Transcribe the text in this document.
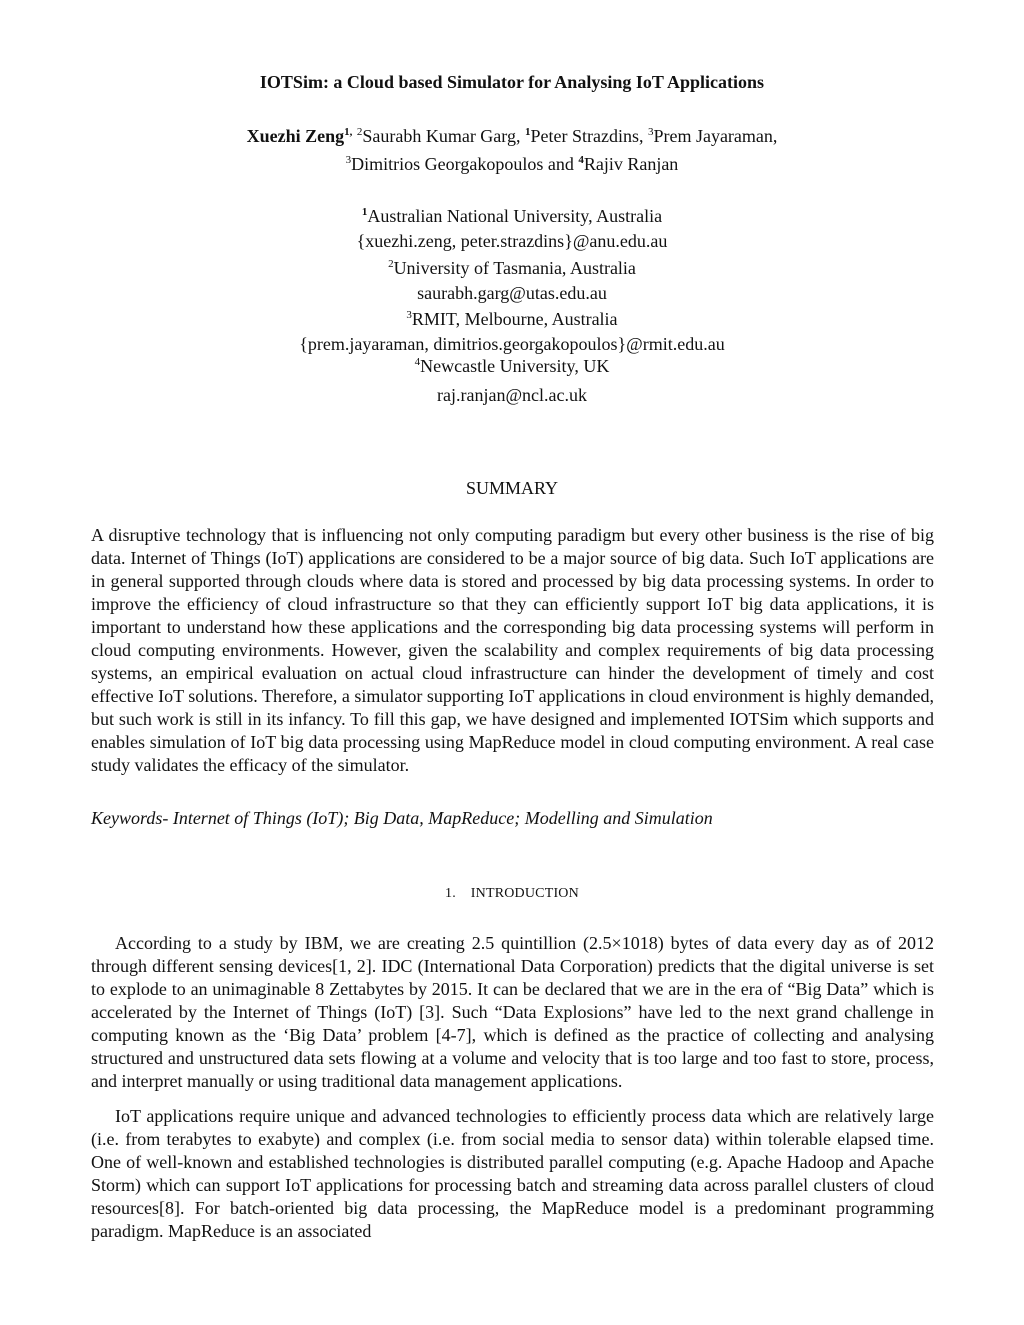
IOTSim: a Cloud based Simulator for Analysing IoT Applications
Xuezhi Zeng$^{1,}$ $^2$Saurabh Kumar Garg, $^1$Peter Strazdins, $^3$Prem Jayaraman,
$^3$Dimitrios Georgakopoulos and $^4$Rajiv Ranjan
$^1$Australian National University, Australia
{xuezhi.zeng, peter.strazdins}@anu.edu.au
$^2$University of Tasmania, Australia
saurabh.garg@utas.edu.au
$^3$RMIT, Melbourne, Australia
{prem.jayaraman, dimitrios.georgakopoulos}@rmit.edu.au
$^4$Newcastle University, UK
raj.ranjan@ncl.ac.uk
SUMMARY
A disruptive technology that is influencing not only computing paradigm but every other business is the rise of big data. Internet of Things (IoT) applications are considered to be a major source of big data. Such IoT applications are in general supported through clouds where data is stored and processed by big data processing systems. In order to improve the efficiency of cloud infrastructure so that they can efficiently support IoT big data applications, it is important to understand how these applications and the corresponding big data processing systems will perform in cloud computing environments. However, given the scalability and complex requirements of big data processing systems, an empirical evaluation on actual cloud infrastructure can hinder the development of timely and cost effective IoT solutions. Therefore, a simulator supporting IoT applications in cloud environment is highly demanded, but such work is still in its infancy. To fill this gap, we have designed and implemented IOTSim which supports and enables simulation of IoT big data processing using MapReduce model in cloud computing environment. A real case study validates the efficacy of the simulator.
Keywords- Internet of Things (IoT); Big Data, MapReduce; Modelling and Simulation
1. INTRODUCTION
According to a study by IBM, we are creating 2.5 quintillion (2.5×1018) bytes of data every day as of 2012 through different sensing devices[1, 2]. IDC (International Data Corporation) predicts that the digital universe is set to explode to an unimaginable 8 Zettabytes by 2015. It can be declared that we are in the era of “Big Data” which is accelerated by the Internet of Things (IoT) [3]. Such “Data Explosions” have led to the next grand challenge in computing known as the ‘Big Data’ problem [4-7], which is defined as the practice of collecting and analysing structured and unstructured data sets flowing at a volume and velocity that is too large and too fast to store, process, and interpret manually or using traditional data management applications.
IoT applications require unique and advanced technologies to efficiently process data which are relatively large (i.e. from terabytes to exabyte) and complex (i.e. from social media to sensor data) within tolerable elapsed time. One of well-known and established technologies is distributed parallel computing (e.g. Apache Hadoop and Apache Storm) which can support IoT applications for processing batch and streaming data across parallel clusters of cloud resources[8]. For batch-oriented big data processing, the MapReduce model is a predominant programming paradigm. MapReduce is an associated
